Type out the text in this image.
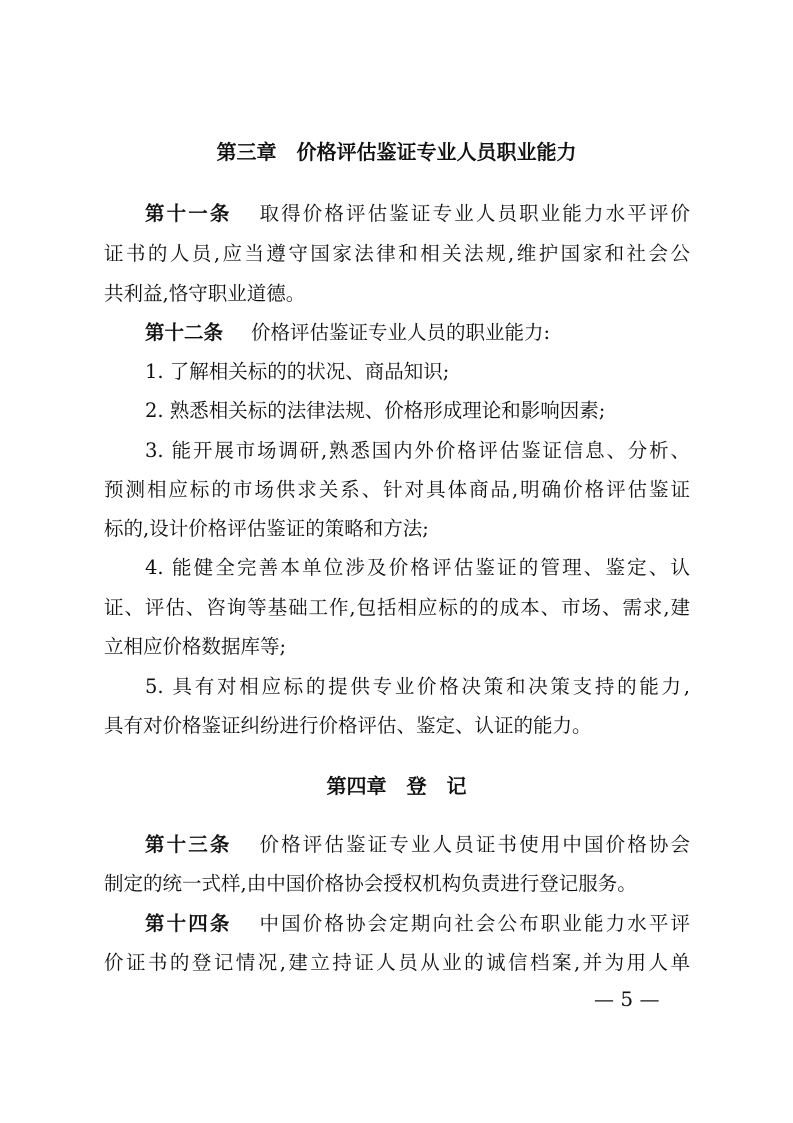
第三章　价格评估鉴证专业人员职业能力
第十一条 取得价格评估鉴证专业人员职业能力水平评价
证书的人员,应当遵守国家法律和相关法规,维护国家和社会公
共利益,恪守职业道德。
第十二条 价格评估鉴证专业人员的职业能力:
1. 了解相关标的的状况、商品知识;
2. 熟悉相关标的法律法规、价格形成理论和影响因素;
3. 能开展市场调研,熟悉国内外价格评估鉴证信息、分析、
预测相应标的市场供求关系、针对具体商品,明确价格评估鉴证
标的,设计价格评估鉴证的策略和方法;
4. 能健全完善本单位涉及价格评估鉴证的管理、鉴定、认
证、评估、咨询等基础工作,包括相应标的的成本、市场、需求,建
立相应价格数据库等;
5. 具有对相应标的提供专业价格决策和决策支持的能力,
具有对价格鉴证纠纷进行价格评估、鉴定、认证的能力。
第四章　登　记
第十三条 价格评估鉴证专业人员证书使用中国价格协会
制定的统一式样,由中国价格协会授权机构负责进行登记服务。
第十四条 中国价格协会定期向社会公布职业能力水平评
价证书的登记情况,建立持证人员从业的诚信档案,并为用人单
— 5 —
